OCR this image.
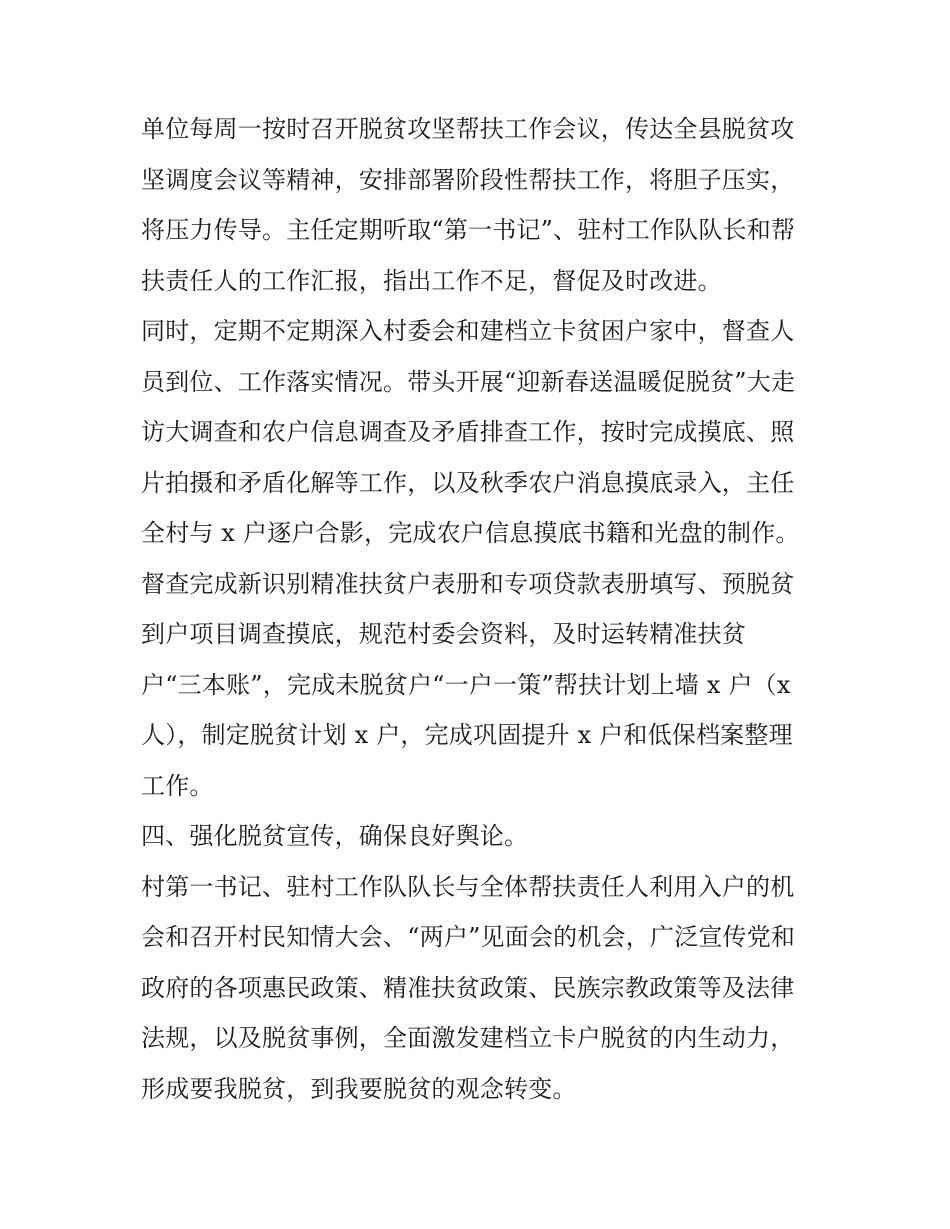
单位每周一按时召开脱贫攻坚帮扶工作会议，传达全县脱贫攻
坚调度会议等精神，安排部署阶段性帮扶工作，将胆子压实，
将压力传导。主任定期听取“第一书记”、驻村工作队队长和帮
扶责任人的工作汇报，指出工作不足，督促及时改进。
同时，定期不定期深入村委会和建档立卡贫困户家中，督查人
员到位、工作落实情况。带头开展“迎新春送温暖促脱贫”大走
访大调查和农户信息调查及矛盾排查工作，按时完成摸底、照
片拍摄和矛盾化解等工作，以及秋季农户消息摸底录入，主任
全村与 x 户逐户合影，完成农户信息摸底书籍和光盘的制作。
督查完成新识别精准扶贫户表册和专项贷款表册填写、预脱贫
到户项目调查摸底，规范村委会资料，及时运转精准扶贫
户“三本账”，完成未脱贫户“一户一策”帮扶计划上墙 x 户（x
人），制定脱贫计划 x 户，完成巩固提升 x 户和低保档案整理
工作。
四、强化脱贫宣传，确保良好舆论。
村第一书记、驻村工作队队长与全体帮扶责任人利用入户的机
会和召开村民知情大会、“两户”见面会的机会，广泛宣传党和
政府的各项惠民政策、精准扶贫政策、民族宗教政策等及法律
法规，以及脱贫事例，全面激发建档立卡户脱贫的内生动力，
形成要我脱贫，到我要脱贫的观念转变。
